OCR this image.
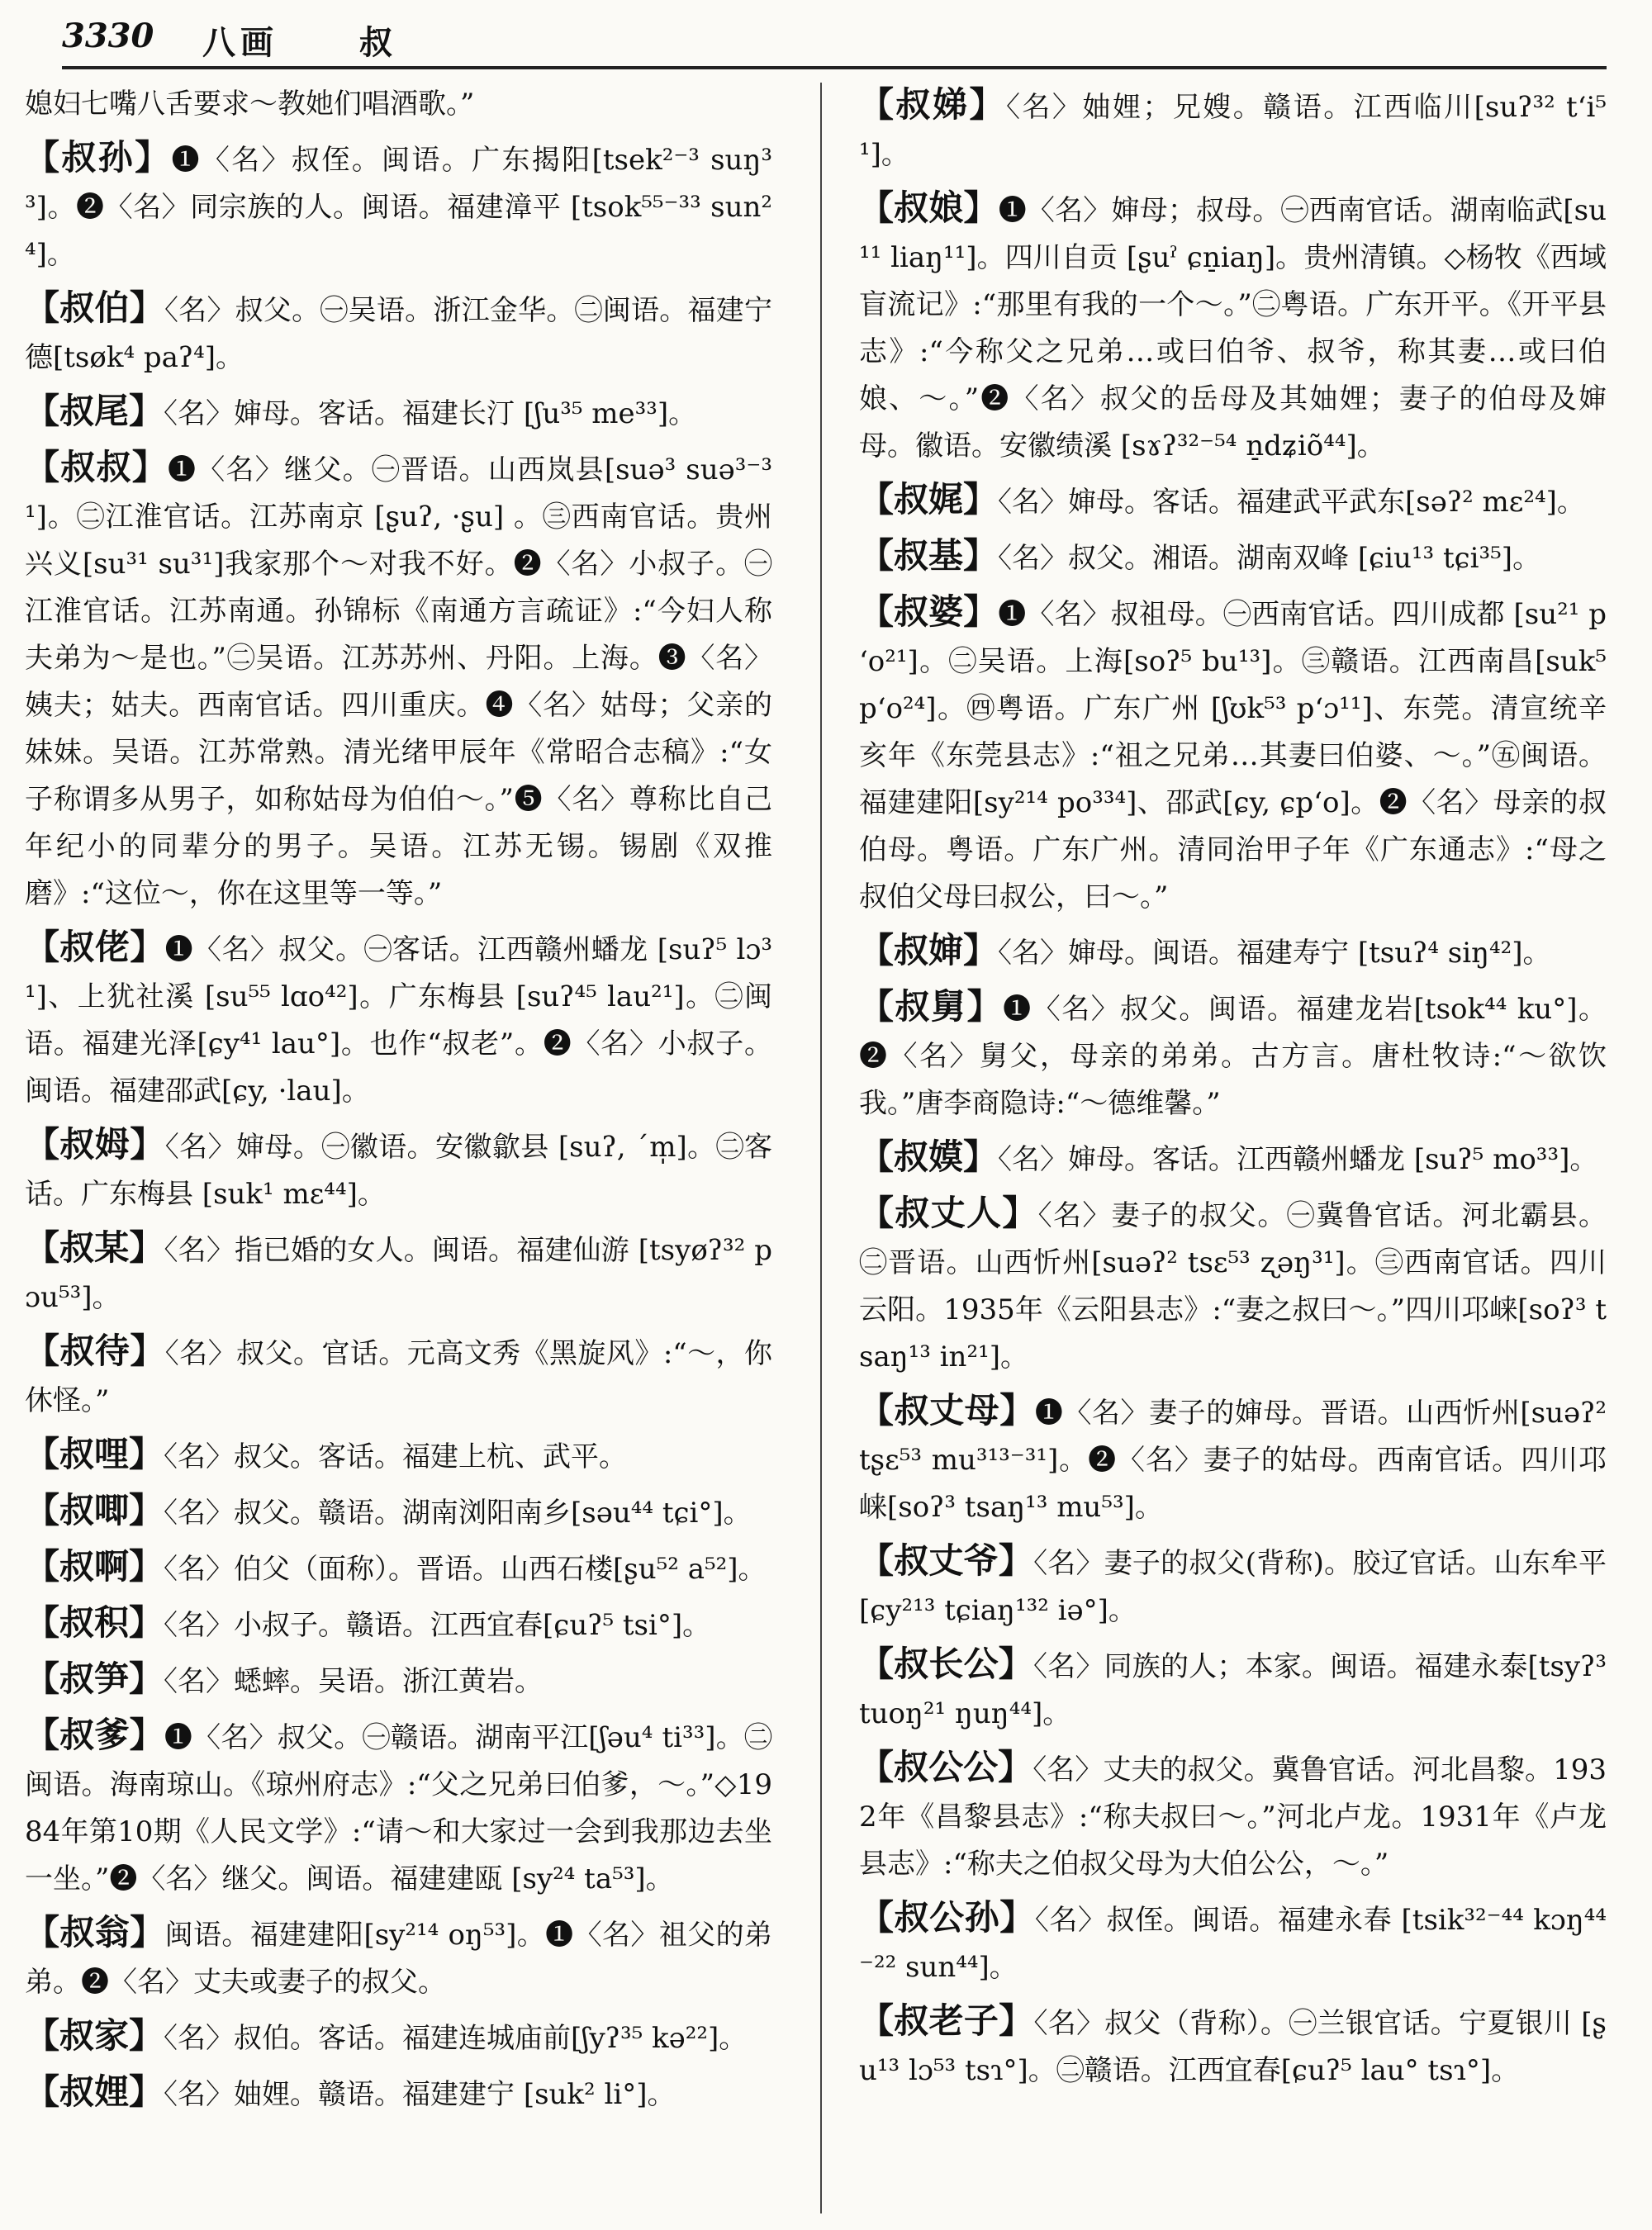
3330 八画 叔
媳妇七嘴八舌要求～教她们唱酒歌。”
【叔孙】❶〈名〉叔侄。闽语。广东揭阳[tsek²⁻³ suŋ³³]。❷〈名〉同宗族的人。闽语。福建漳平 [tsok⁵⁵⁻³³ sun²⁴]。
【叔伯】〈名〉叔父。㊀吴语。浙江金华。㊁闽语。福建宁德[tsøk⁴ paʔ⁴]。
【叔尾】〈名〉婶母。客话。福建长汀 [ʃu³⁵ me³³]。
【叔叔】❶〈名〉继父。㊀晋语。山西岚县[suə³ suə³⁻³¹]。㊁江淮官话。江苏南京 [ʂuʔ, ·ʂu] 。㊂西南官话。贵州兴义[su³¹ su³¹]我家那个～对我不好。❷〈名〉小叔子。㊀江淮官话。江苏南通。孙锦标《南通方言疏证》:“今妇人称夫弟为～是也。”㊁吴语。江苏苏州、丹阳。上海。❸〈名〉姨夫；姑夫。西南官话。四川重庆。❹〈名〉姑母；父亲的妹妹。吴语。江苏常熟。清光绪甲辰年《常昭合志稿》:“女子称谓多从男子，如称姑母为伯伯～。”❺〈名〉尊称比自己年纪小的同辈分的男子。吴语。江苏无锡。锡剧《双推磨》:“这位～，你在这里等一等。”
【叔佬】❶〈名〉叔父。㊀客话。江西赣州蟠龙 [suʔ⁵ lɔ³¹]、上犹社溪 [su⁵⁵ lɑo⁴²]。广东梅县 [suʔ⁴⁵ lau²¹]。㊁闽语。福建光泽[ɕy⁴¹ lau°]。也作“叔老”。❷〈名〉小叔子。闽语。福建邵武[ɕy, ·lau]。
【叔姆】〈名〉婶母。㊀徽语。安徽歙县 [suʔ, ˊm̩]。㊁客话。广东梅县 [suk¹ mɛ⁴⁴]。
【叔某】〈名〉指已婚的女人。闽语。福建仙游 [tsyøʔ³² pɔu⁵³]。
【叔待】〈名〉叔父。官话。元高文秀《黑旋风》:“～，你休怪。”
【叔哩】〈名〉叔父。客话。福建上杭、武平。
【叔唧】〈名〉叔父。赣语。湖南浏阳南乡[səu⁴⁴ tɕi°]。
【叔啊】〈名〉伯父（面称）。晋语。山西石楼[ʂu⁵² a⁵²]。
【叔积】〈名〉小叔子。赣语。江西宜春[ɕuʔ⁵ tsi°]。
【叔笋】〈名〉蟋蟀。吴语。浙江黄岩。
【叔爹】❶〈名〉叔父。㊀赣语。湖南平江[ʃəu⁴ ti³³]。㊁闽语。海南琼山。《琼州府志》:“父之兄弟曰伯爹，～。”◇1984年第10期《人民文学》:“请～和大家过一会到我那边去坐一坐。”❷〈名〉继父。闽语。福建建瓯 [sy²⁴ ta⁵³]。
【叔翁】闽语。福建建阳[sy²¹⁴ oŋ⁵³]。❶〈名〉祖父的弟弟。❷〈名〉丈夫或妻子的叔父。
【叔家】〈名〉叔伯。客话。福建连城庙前[ʃyʔ³⁵ kə²²]。
【叔娌】〈名〉妯娌。赣语。福建建宁 [suk² li°]。
【叔娣】〈名〉妯娌；兄嫂。赣语。江西临川[suʔ³² tʻi⁵¹]。
【叔娘】❶〈名〉婶母；叔母。㊀西南官话。湖南临武[su¹¹ liaŋ¹¹]。四川自贡 [ʂuˀ ɕn̠iaŋ]。贵州清镇。◇杨牧《西域盲流记》:“那里有我的一个～。”㊁粤语。广东开平。《开平县志》:“今称父之兄弟…或曰伯爷、叔爷，称其妻…或曰伯娘、～。”❷〈名〉叔父的岳母及其妯娌；妻子的伯母及婶母。徽语。安徽绩溪 [sɤʔ³²⁻⁵⁴ n̠dʑiõ⁴⁴]。
【叔娓】〈名〉婶母。客话。福建武平武东[səʔ² mɛ²⁴]。
【叔基】〈名〉叔父。湘语。湖南双峰 [ɕiu¹³ tɕi³⁵]。
【叔婆】❶〈名〉叔祖母。㊀西南官话。四川成都 [su²¹ pʻo²¹]。㊁吴语。上海[soʔ⁵ bu¹³]。㊂赣语。江西南昌[suk⁵ pʻo²⁴]。㊃粤语。广东广州 [ʃʊk⁵³ pʻɔ¹¹]、东莞。清宣统辛亥年《东莞县志》:“祖之兄弟…其妻曰伯婆、～。”㊄闽语。福建建阳[sy²¹⁴ po³³⁴]、邵武[ɕy, ɕpʻo]。❷〈名〉母亲的叔伯母。粤语。广东广州。清同治甲子年《广东通志》:“母之叔伯父母曰叔公，曰～。”
【叔婶】〈名〉婶母。闽语。福建寿宁 [tsuʔ⁴ siŋ⁴²]。
【叔舅】❶〈名〉叔父。闽语。福建龙岩[tsok⁴⁴ ku°]。❷〈名〉舅父，母亲的弟弟。古方言。唐杜牧诗:“～欲饮我。”唐李商隐诗:“～德维馨。”
【叔嫫】〈名〉婶母。客话。江西赣州蟠龙 [suʔ⁵ mo³³]。
【叔丈人】〈名〉妻子的叔父。㊀冀鲁官话。河北霸县。㊁晋语。山西忻州[suəʔ² tsɛ⁵³ ʐəŋ³¹]。㊂西南官话。四川云阳。1935年《云阳县志》:“妻之叔曰～。”四川邛崃[soʔ³ tsaŋ¹³ in²¹]。
【叔丈母】❶〈名〉妻子的婶母。晋语。山西忻州[suəʔ² tʂɛ⁵³ mu³¹³⁻³¹]。❷〈名〉妻子的姑母。西南官话。四川邛崃[soʔ³ tsaŋ¹³ mu⁵³]。
【叔丈爷】〈名〉妻子的叔父(背称)。胶辽官话。山东牟平[ɕy²¹³ tɕiaŋ¹³² iə°]。
【叔长公】〈名〉同族的人；本家。闽语。福建永泰[tsyʔ³ tuoŋ²¹ ŋuŋ⁴⁴]。
【叔公公】〈名〉丈夫的叔父。冀鲁官话。河北昌黎。1932年《昌黎县志》:“称夫叔曰～。”河北卢龙。1931年《卢龙县志》:“称夫之伯叔父母为大伯公公，～。”
【叔公孙】〈名〉叔侄。闽语。福建永春 [tsik³²⁻⁴⁴ kɔŋ⁴⁴⁻²² sun⁴⁴]。
【叔老子】〈名〉叔父（背称）。㊀兰银官话。宁夏银川 [ʂu¹³ lɔ⁵³ tsɿ°]。㊁赣语。江西宜春[ɕuʔ⁵ lau° tsɿ°]。
